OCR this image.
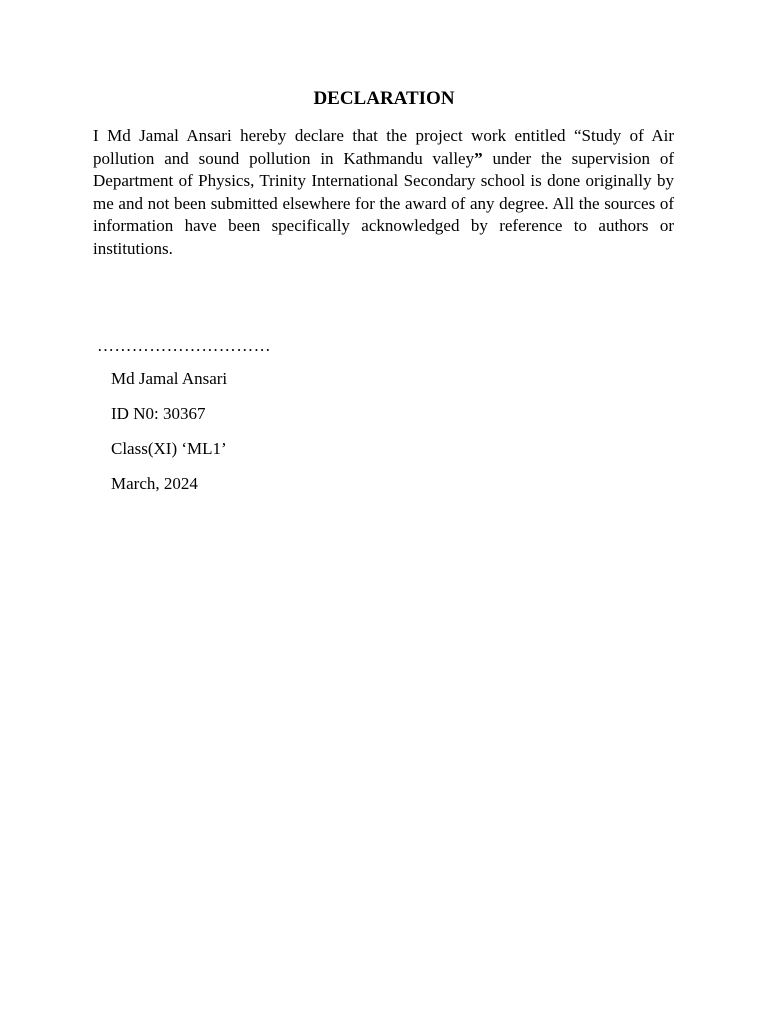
DECLARATION

I Md Jamal Ansari hereby declare that the project work entitled “Study of Air pollution and sound pollution in Kathmandu valley” under the supervision of Department of Physics, Trinity International Secondary school is done originally by me and not been submitted elsewhere for the award of any degree. All the sources of information have been specifically acknowledged by reference to authors or institutions.

…………………………

Md Jamal Ansari

ID N0: 30367

Class(XI) ‘ML1’

March, 2024
